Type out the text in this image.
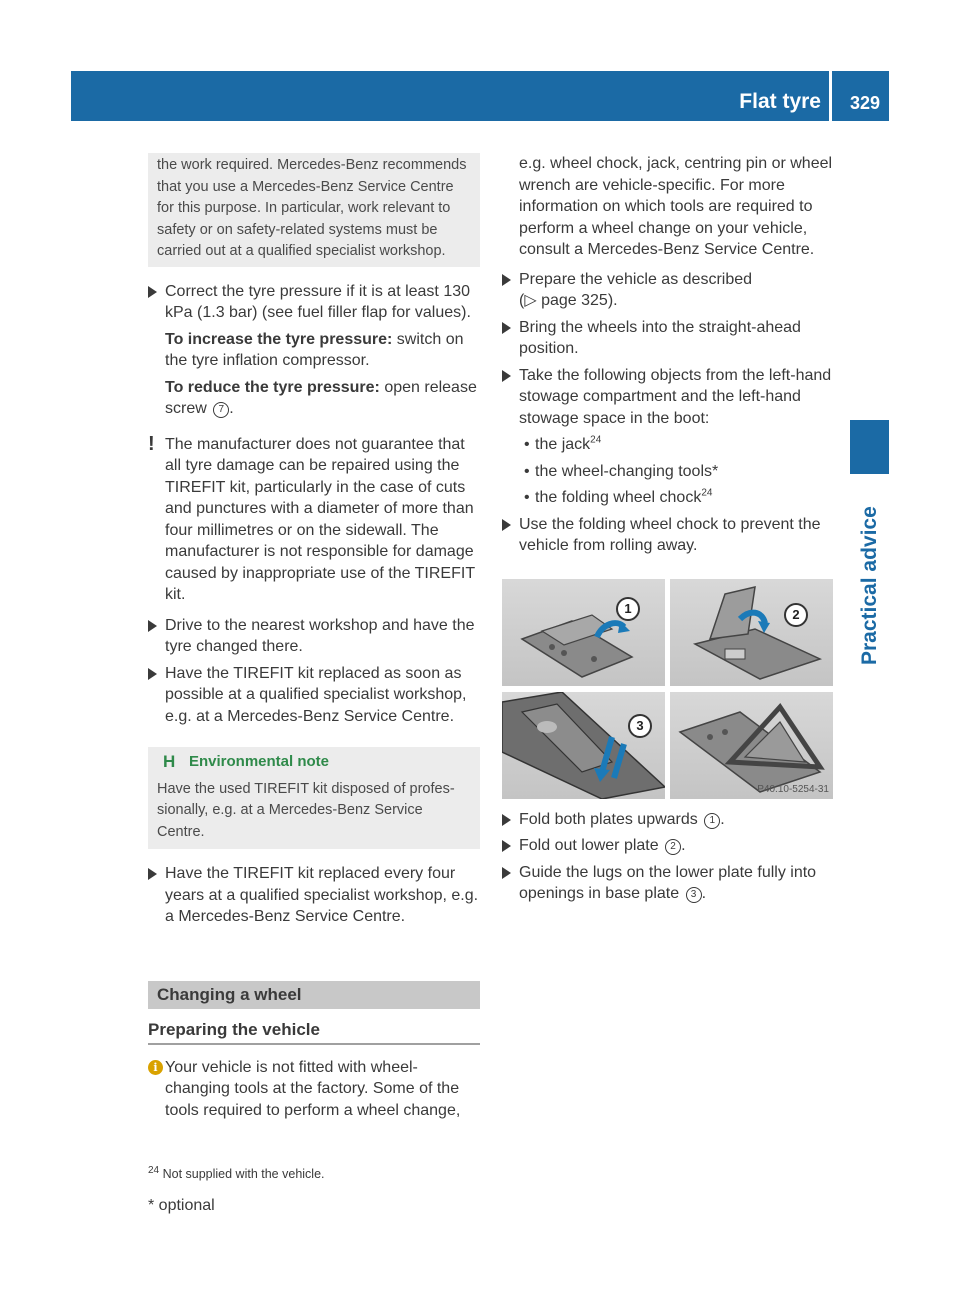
Flat tyre 329
Practical advice
the work required. Mercedes-Benz recommends that you use a Mercedes-Benz Service Centre for this purpose. In particular, work relevant to safety or on safety-related systems must be carried out at a qualified specialist workshop.
Correct the tyre pressure if it is at least 130 kPa (1.3 bar) (see fuel filler flap for values).
To increase the tyre pressure: switch on the tyre inflation compressor.
To reduce the tyre pressure: open release screw 7 .
! The manufacturer does not guarantee that all tyre damage can be repaired using the TIREFIT kit, particularly in the case of cuts and punctures with a diameter of more than four millimetres or on the sidewall. The manufacturer is not responsible for damage caused by inappropriate use of the TIREFIT kit.
Drive to the nearest workshop and have the tyre changed there.
Have the TIREFIT kit replaced as soon as possible at a qualified specialist workshop, e.g. at a Mercedes-Benz Service Centre.
H Environmental note
Have the used TIREFIT kit disposed of professionally, e.g. at a Mercedes-Benz Service Centre.
Have the TIREFIT kit replaced every four years at a qualified specialist workshop, e.g. a Mercedes-Benz Service Centre.
Changing a wheel
Preparing the vehicle
i Your vehicle is not fitted with wheel-changing tools at the factory. Some of the tools required to perform a wheel change,
e.g. wheel chock, jack, centring pin or wheel wrench are vehicle-specific. For more information on which tools are required to perform a wheel change on your vehicle, consult a Mercedes-Benz Service Centre.
Prepare the vehicle as described
(▷ page 325).
Bring the wheels into the straight-ahead position.
Take the following objects from the left-hand stowage compartment and the left-hand stowage space in the boot:
• the jack$^{24}$
• the wheel-changing tools*
• the folding wheel chock$^{24}$
Use the folding wheel chock to prevent the vehicle from rolling away.
1	2
3
P40.10-5254-31
Fold both plates upwards 1 .
Fold out lower plate 2 .
Guide the lugs on the lower plate fully into openings in base plate 3 .
$^{24}$ Not supplied with the vehicle.
* optional
